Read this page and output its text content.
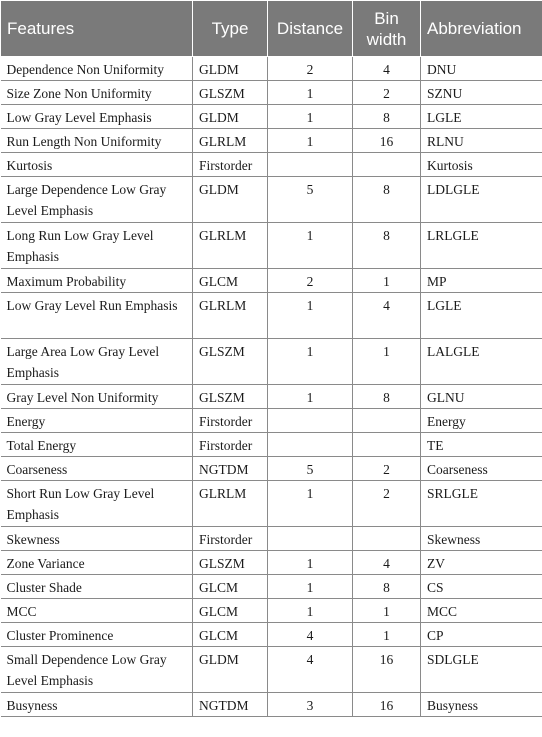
Features	Type	Distance	Bin width	Abbreviation
Dependence Non Uniformity	GLDM	2	4	DNU
Size Zone Non Uniformity	GLSZM	1	2	SZNU
Low Gray Level Emphasis	GLDM	1	8	LGLE
Run Length Non Uniformity	GLRLM	1	16	RLNU
Kurtosis	Firstorder			Kurtosis
Large Dependence Low Gray Level Emphasis	GLDM	5	8	LDLGLE
Long Run Low Gray Level Emphasis	GLRLM	1	8	LRLGLE
Maximum Probability	GLCM	2	1	MP
Low Gray Level Run Emphasis	GLRLM	1	4	LGLE
Large Area Low Gray Level Emphasis	GLSZM	1	1	LALGLE
Gray Level Non Uniformity	GLSZM	1	8	GLNU
Energy	Firstorder			Energy
Total Energy	Firstorder			TE
Coarseness	NGTDM	5	2	Coarseness
Short Run Low Gray Level Emphasis	GLRLM	1	2	SRLGLE
Skewness	Firstorder			Skewness
Zone Variance	GLSZM	1	4	ZV
Cluster Shade	GLCM	1	8	CS
MCC	GLCM	1	1	MCC
Cluster Prominence	GLCM	4	1	CP
Small Dependence Low Gray Level Emphasis	GLDM	4	16	SDLGLE
Busyness	NGTDM	3	16	Busyness
